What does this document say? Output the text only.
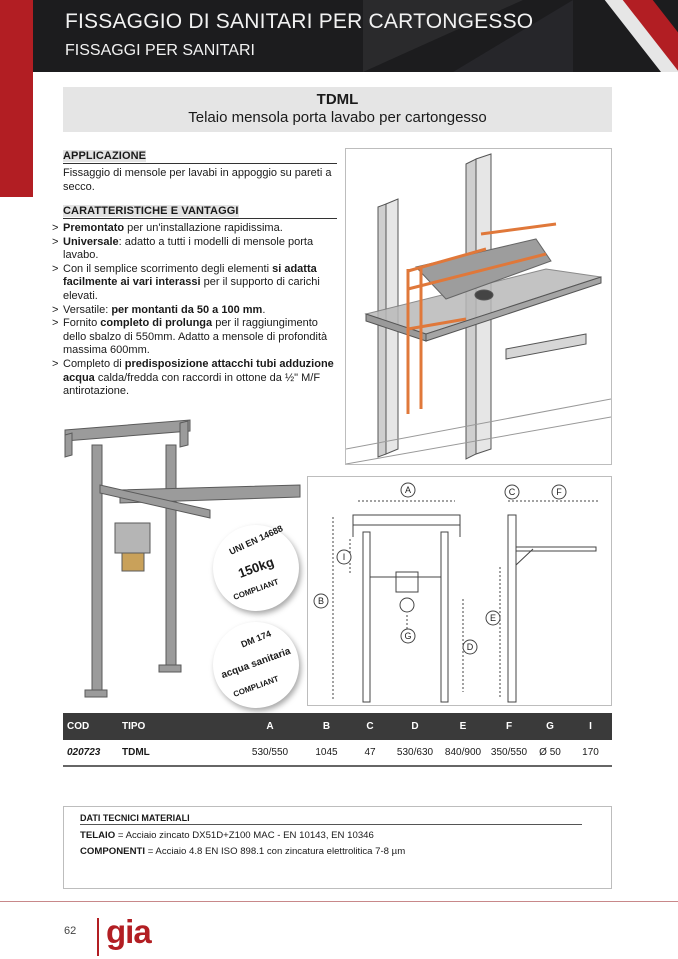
FISSAGGIO DI SANITARI PER CARTONGESSO
FISSAGGI PER SANITARI
TDML
Telaio mensola porta lavabo per cartongesso
APPLICAZIONE
Fissaggio di mensole per lavabi in appoggio su pareti a secco.
CARATTERISTICHE E VANTAGGI
> Premontato per un'installazione rapidissima.
> Universale: adatto a tutti i modelli di mensole porta lavabo.
> Con il semplice scorrimento degli elementi si adatta facilmente ai vari interassi per il supporto di carichi elevati.
> Versatile: per montanti da 50 a 100 mm.
> Fornito completo di prolunga per il raggiungimento dello sbalzo di 550mm. Adatto a mensole di profondità massima 600mm.
> Completo di predisposizione attacchi tubi adduzione acqua calda/fredda con raccordi in ottone da ½" M/F antirotazione.
UNI EN 14688
150kg
COMPLIANT
DM 174
acqua sanitaria
COMPLIANT
A	C	F
I
B
E
G
D
COD	TIPO	A	B	C	D	E	F	G	I
020723	TDML	530/550	1045	47	530/630	840/900	350/550	Ø 50	170
DATI TECNICI MATERIALI
TELAIO = Acciaio zincato DX51D+Z100 MAC - EN 10143, EN 10346
COMPONENTI = Acciaio 4.8 EN ISO 898.1 con zincatura elettrolitica 7-8 µm
62 gia
